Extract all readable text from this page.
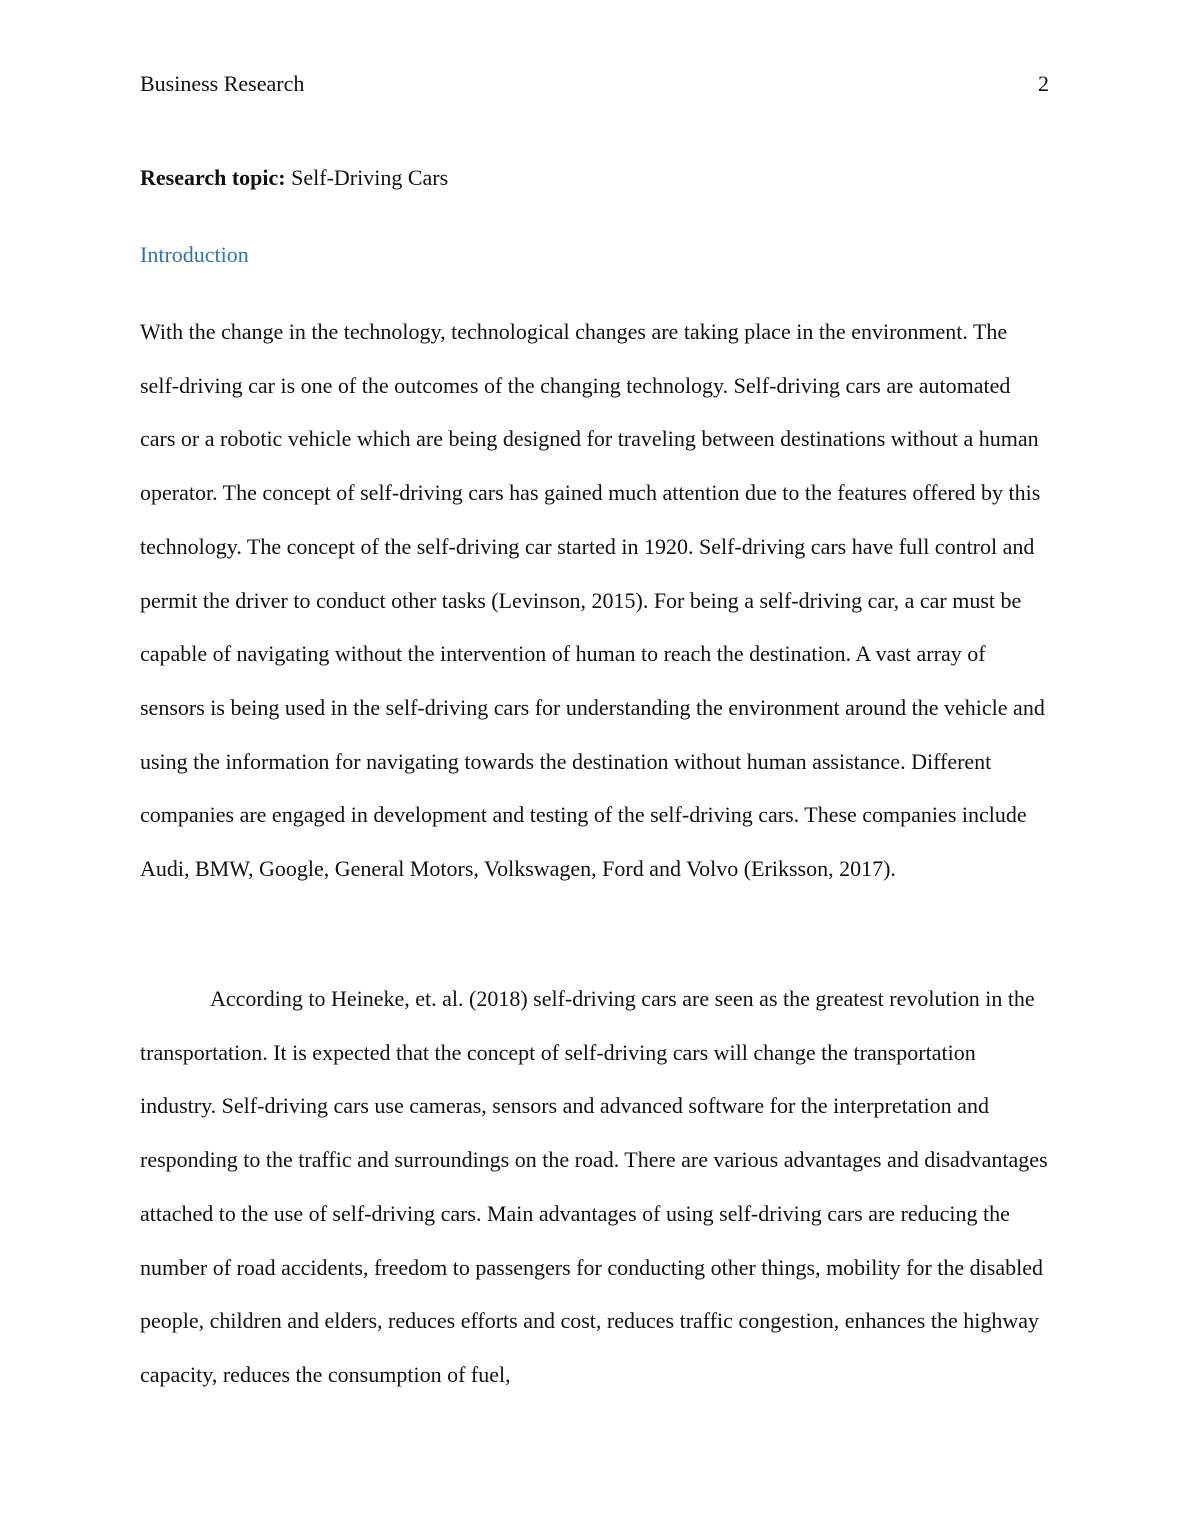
Business Research	2
Research topic: Self-Driving Cars
Introduction

With the change in the technology, technological changes are taking place in the environment. The self-driving car is one of the outcomes of the changing technology. Self-driving cars are automated cars or a robotic vehicle which are being designed for traveling between destinations without a human operator. The concept of self-driving cars has gained much attention due to the features offered by this technology. The concept of the self-driving car started in 1920. Self-driving cars have full control and permit the driver to conduct other tasks (Levinson, 2015). For being a self-driving car, a car must be capable of navigating without the intervention of human to reach the destination. A vast array of sensors is being used in the self-driving cars for understanding the environment around the vehicle and using the information for navigating towards the destination without human assistance. Different companies are engaged in development and testing of the self-driving cars. These companies include Audi, BMW, Google, General Motors, Volkswagen, Ford and Volvo (Eriksson, 2017).

According to Heineke, et. al. (2018) self-driving cars are seen as the greatest revolution in the transportation. It is expected that the concept of self-driving cars will change the transportation industry. Self-driving cars use cameras, sensors and advanced software for the interpretation and responding to the traffic and surroundings on the road. There are various advantages and disadvantages attached to the use of self-driving cars. Main advantages of using self-driving cars are reducing the number of road accidents, freedom to passengers for conducting other things, mobility for the disabled people, children and elders, reduces efforts and cost, reduces traffic congestion, enhances the highway capacity, reduces the consumption of fuel,
